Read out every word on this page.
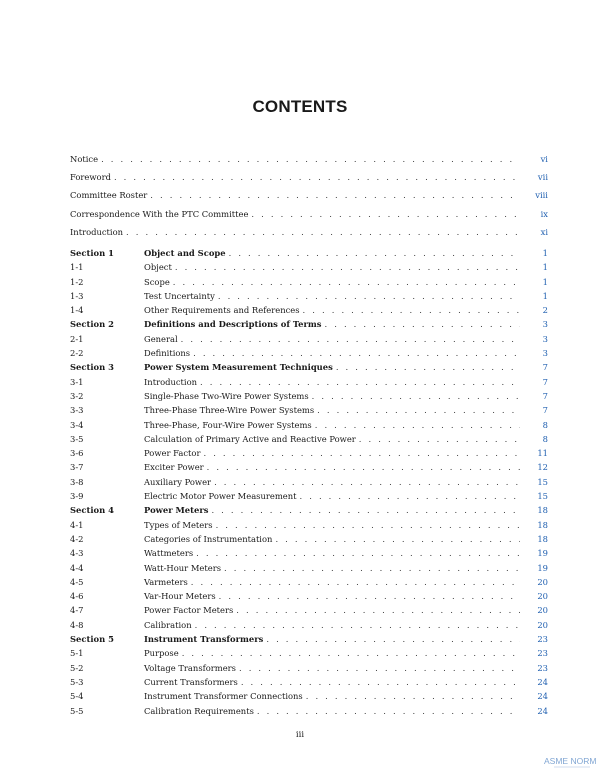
CONTENTS
Notice . . .	vi
Foreword . . .	vii
Committee Roster . . .	viii
Correspondence With the PTC Committee . . .	ix
Introduction . . .	xi
Section 1	Object and Scope . . .	1
1-1	Object . . .	1
1-2	Scope . . .	1
1-3	Test Uncertainty . . .	1
1-4	Other Requirements and References . . .	2
Section 2	Definitions and Descriptions of Terms . . .	3
2-1	General . . .	3
2-2	Definitions . . .	3
Section 3	Power System Measurement Techniques . . .	7
3-1	Introduction . . .	7
3-2	Single-Phase Two-Wire Power Systems . . .	7
3-3	Three-Phase Three-Wire Power Systems . . .	7
3-4	Three-Phase, Four-Wire Power Systems . . .	8
3-5	Calculation of Primary Active and Reactive Power . . .	8
3-6	Power Factor . . .	11
3-7	Exciter Power . . .	12
3-8	Auxiliary Power . . .	15
3-9	Electric Motor Power Measurement . . .	15
Section 4	Power Meters . . .	18
4-1	Types of Meters . . .	18
4-2	Categories of Instrumentation . . .	18
4-3	Wattmeters . . .	19
4-4	Watt-Hour Meters . . .	19
4-5	Varmeters . . .	20
4-6	Var-Hour Meters . . .	20
4-7	Power Factor Meters . . .	20
4-8	Calibration . . .	20
Section 5	Instrument Transformers . . .	23
5-1	Purpose . . .	23
5-2	Voltage Transformers . . .	23
5-3	Current Transformers . . .	24
5-4	Instrument Transformer Connections . . .	24
5-5	Calibration Requirements . . .	24
iii
ASME NORM
